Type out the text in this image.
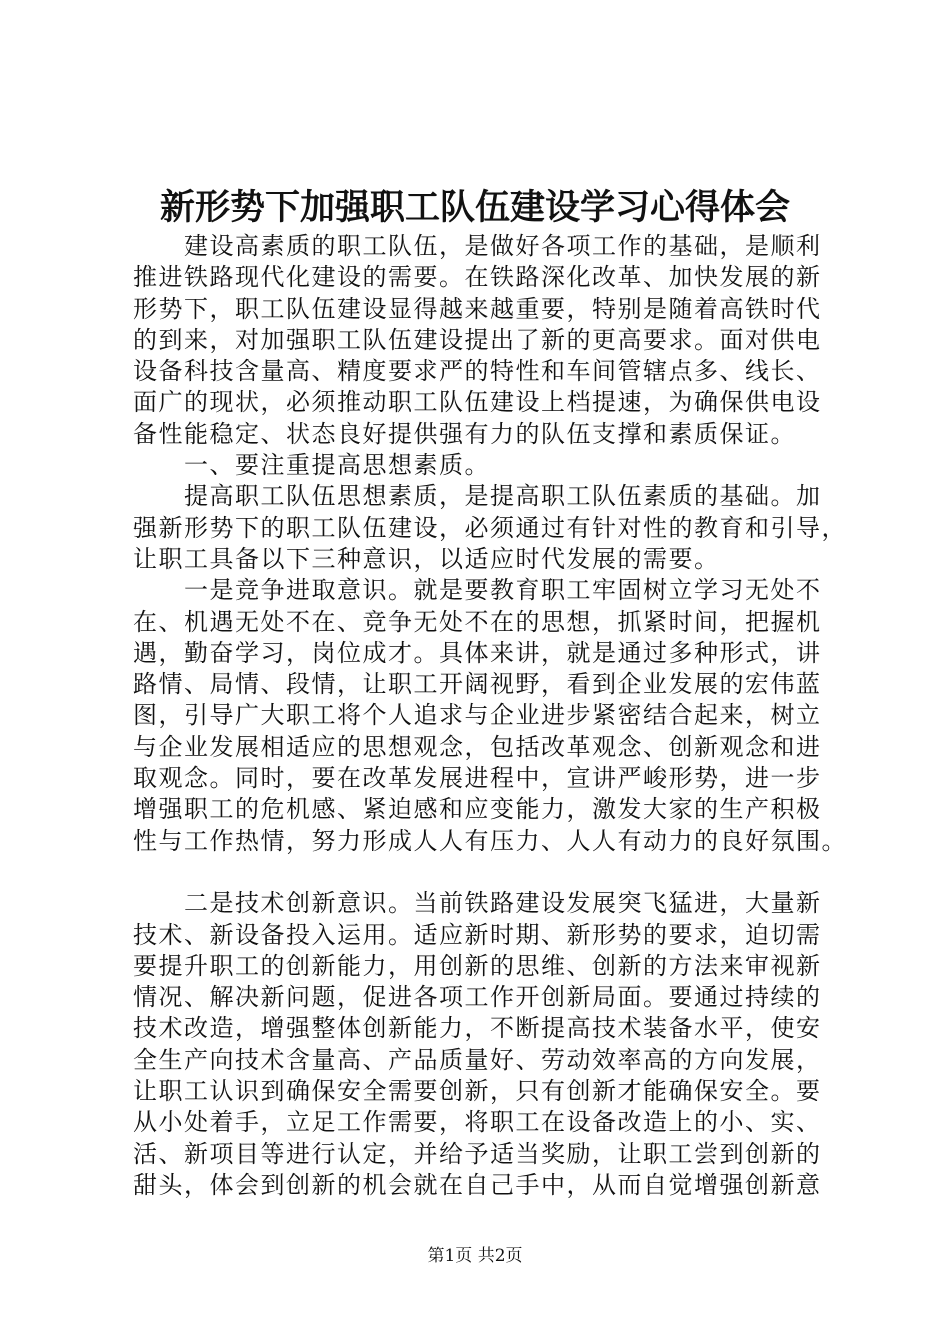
新形势下加强职工队伍建设学习心得体会
　　建设高素质的职工队伍，是做好各项工作的基础，是顺利
推进铁路现代化建设的需要。在铁路深化改革、加快发展的新
形势下，职工队伍建设显得越来越重要，特别是随着高铁时代
的到来，对加强职工队伍建设提出了新的更高要求。面对供电
设备科技含量高、精度要求严的特性和车间管辖点多、线长、
面广的现状，必须推动职工队伍建设上档提速，为确保供电设
备性能稳定、状态良好提供强有力的队伍支撑和素质保证。
　　一、要注重提高思想素质。
　　提高职工队伍思想素质，是提高职工队伍素质的基础。加
强新形势下的职工队伍建设，必须通过有针对性的教育和引导，
让职工具备以下三种意识，以适应时代发展的需要。
　　一是竞争进取意识。就是要教育职工牢固树立学习无处不
在、机遇无处不在、竞争无处不在的思想，抓紧时间，把握机
遇，勤奋学习，岗位成才。具体来讲，就是通过多种形式，讲
路情、局情、段情，让职工开阔视野，看到企业发展的宏伟蓝
图，引导广大职工将个人追求与企业进步紧密结合起来，树立
与企业发展相适应的思想观念，包括改革观念、创新观念和进
取观念。同时，要在改革发展进程中，宣讲严峻形势，进一步
增强职工的危机感、紧迫感和应变能力，激发大家的生产积极
性与工作热情，努力形成人人有压力、人人有动力的良好氛围。
　　二是技术创新意识。当前铁路建设发展突飞猛进，大量新
技术、新设备投入运用。适应新时期、新形势的要求，迫切需
要提升职工的创新能力，用创新的思维、创新的方法来审视新
情况、解决新问题，促进各项工作开创新局面。要通过持续的
技术改造，增强整体创新能力，不断提高技术装备水平，使安
全生产向技术含量高、产品质量好、劳动效率高的方向发展，
让职工认识到确保安全需要创新，只有创新才能确保安全。要
从小处着手，立足工作需要，将职工在设备改造上的小、实、
活、新项目等进行认定，并给予适当奖励，让职工尝到创新的
甜头，体会到创新的机会就在自己手中，从而自觉增强创新意
第1页 共2页
